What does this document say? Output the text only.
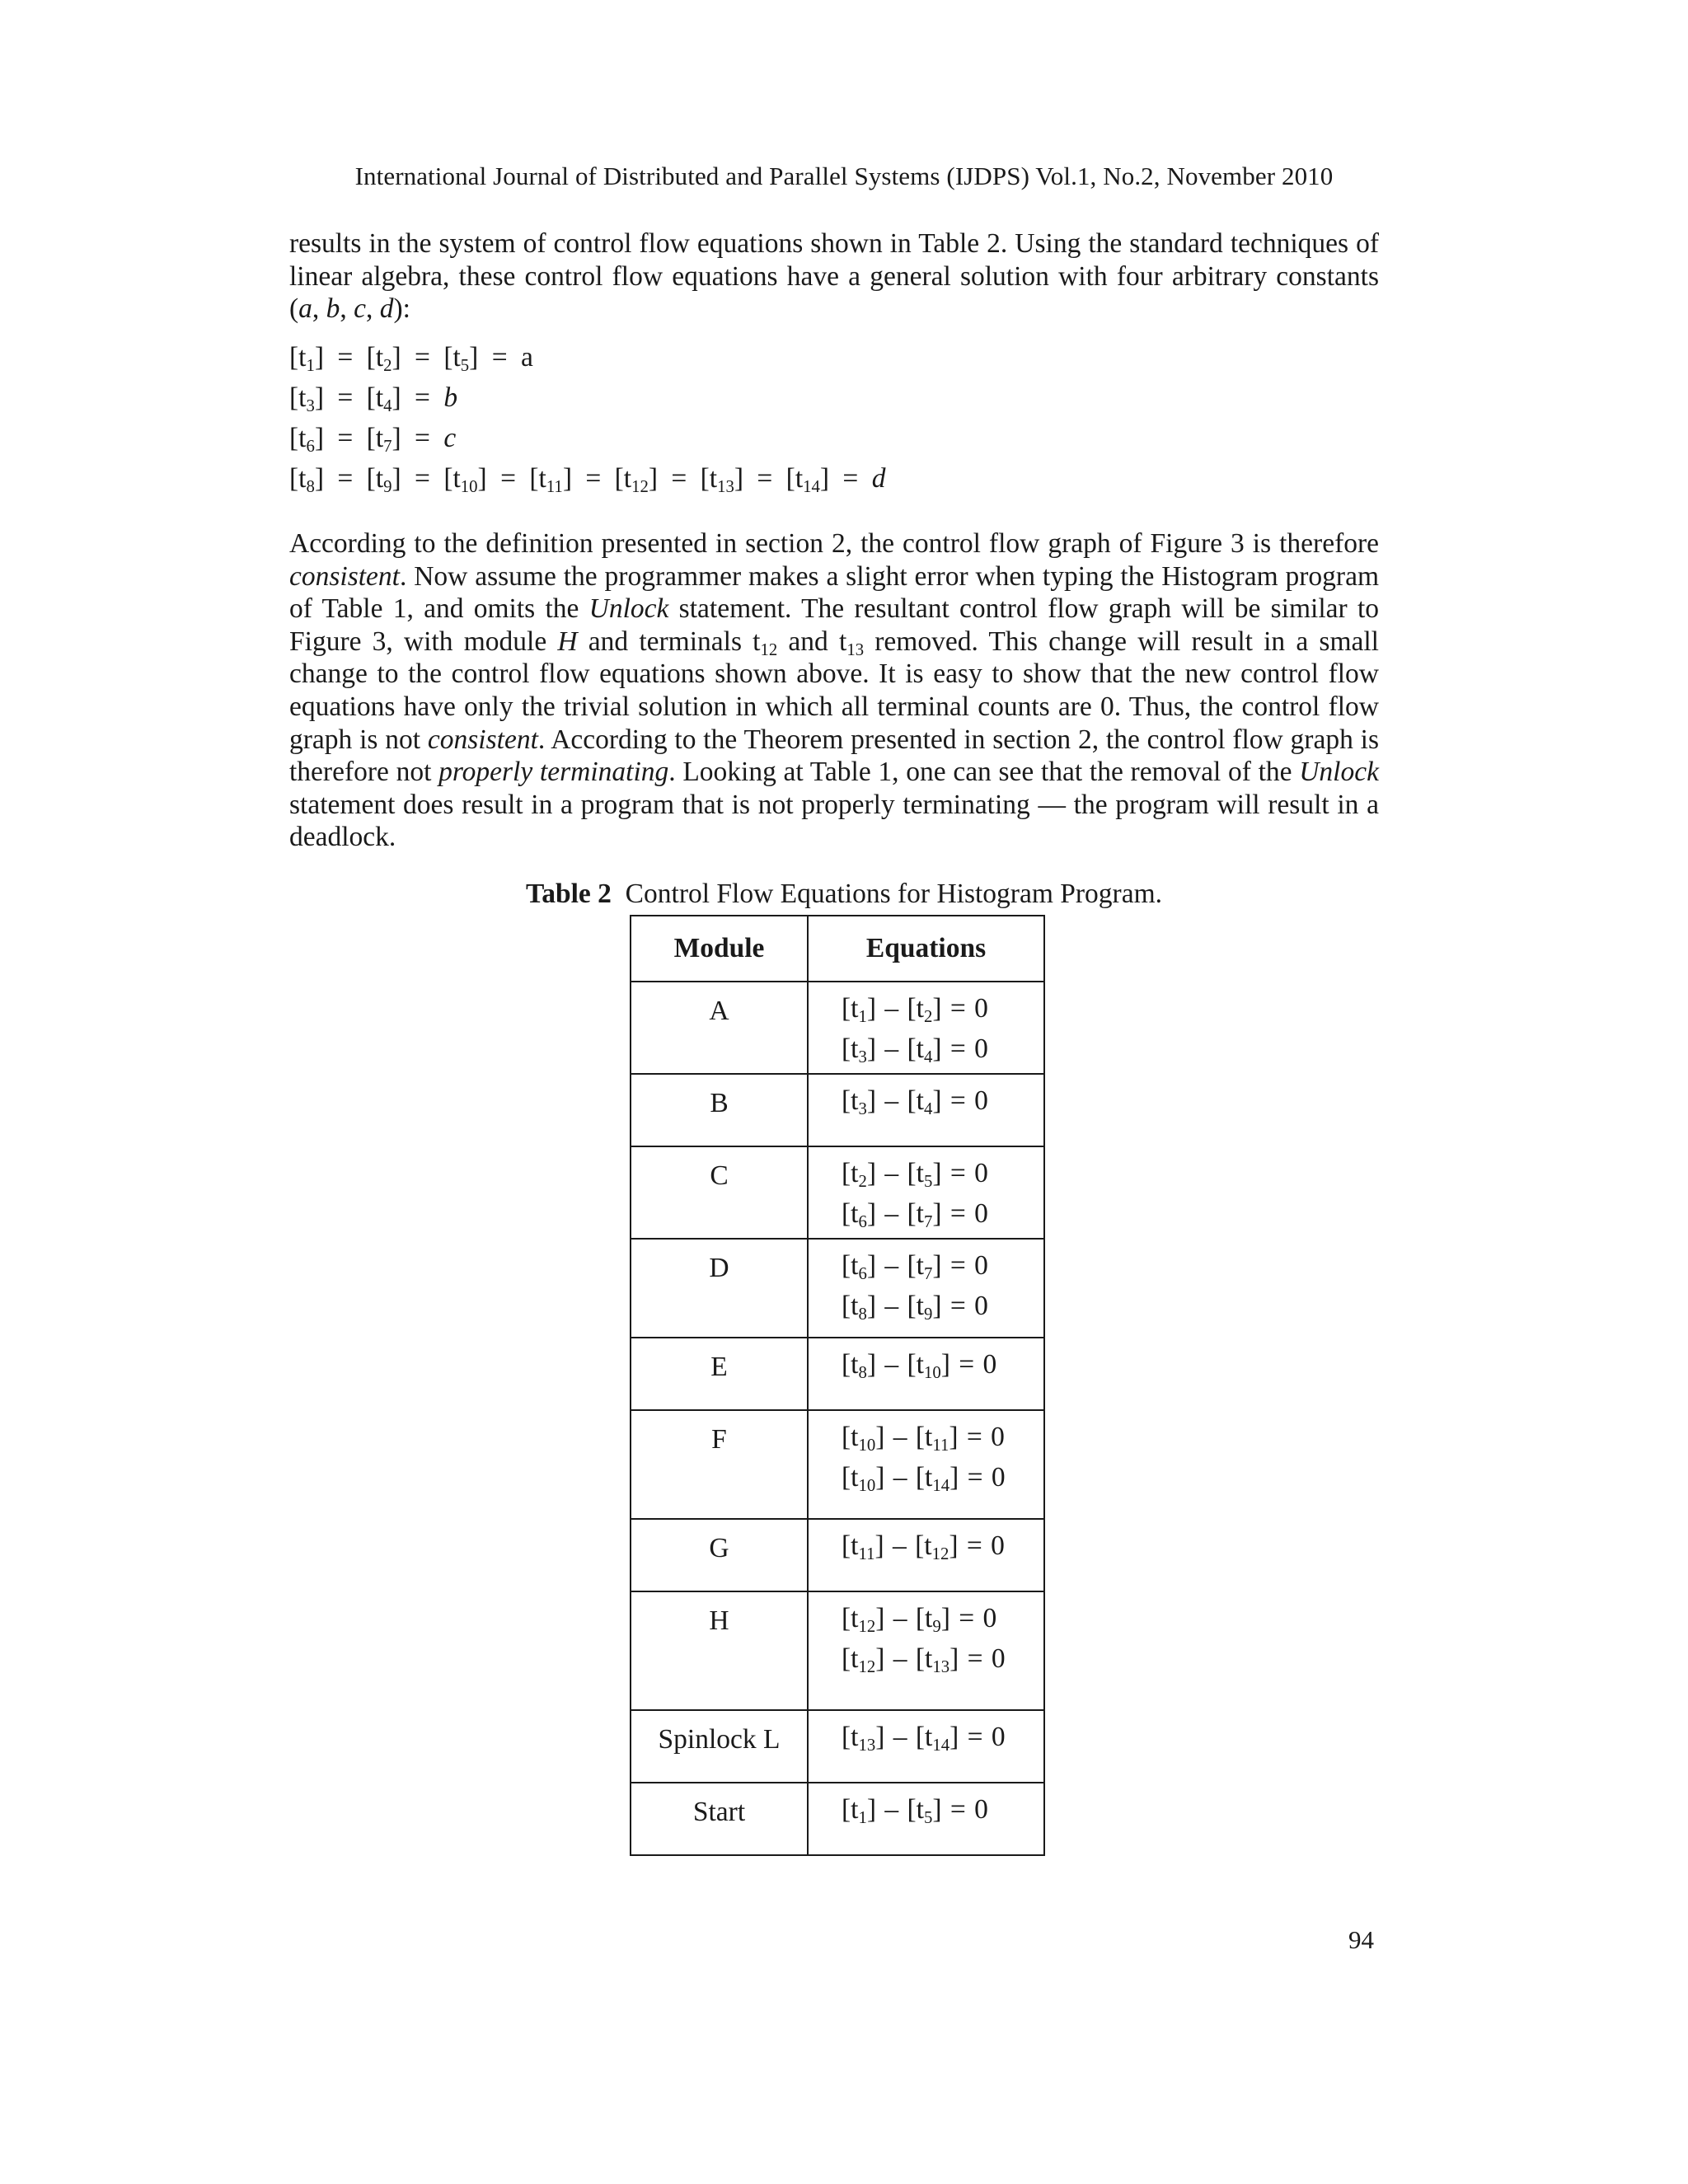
International Journal of Distributed and Parallel Systems (IJDPS) Vol.1, No.2, November 2010
results in the system of control flow equations shown in Table 2. Using the standard techniques of linear algebra, these control flow equations have a general solution with four arbitrary constants (a, b, c, d):
$[t_1] = [t_2] = [t_5] = a$
$[t_3] = [t_4] = b$
$[t_6] = [t_7] = c$
$[t_8] = [t_9] = [t_{10}] = [t_{11}] = [t_{12}] = [t_{13}] = [t_{14}] = d$
According to the definition presented in section 2, the control flow graph of Figure 3 is therefore consistent. Now assume the programmer makes a slight error when typing the Histogram program of Table 1, and omits the Unlock statement. The resultant control flow graph will be similar to Figure 3, with module H and terminals $t_{12}$ and $t_{13}$ removed. This change will result in a small change to the control flow equations shown above. It is easy to show that the new control flow equations have only the trivial solution in which all terminal counts are 0. Thus, the control flow graph is not consistent. According to the Theorem presented in section 2, the control flow graph is therefore not properly terminating. Looking at Table 1, one can see that the removal of the Unlock statement does result in a program that is not properly terminating — the program will result in a deadlock.
Table 2 Control Flow Equations for Histogram Program.
Module	Equations
A	$[t_1] - [t_2] = 0$
$[t_3] - [t_4] = 0$

B	$[t_3] - [t_4] = 0$

C	$[t_2] - [t_5] = 0$
$[t_6] - [t_7] = 0$

D	$[t_6] - [t_7] = 0$
$[t_8] - [t_9] = 0$

E	$[t_8] - [t_{10}] = 0$

F	$[t_{10}] - [t_{11}] = 0$
$[t_{10}] - [t_{14}] = 0$

G	$[t_{11}] - [t_{12}] = 0$

H	$[t_{12}] - [t_9] = 0$
$[t_{12}] - [t_{13}] = 0$

Spinlock L	$[t_{13}] - [t_{14}] = 0$

Start	$[t_1] - [t_5] = 0$
94
